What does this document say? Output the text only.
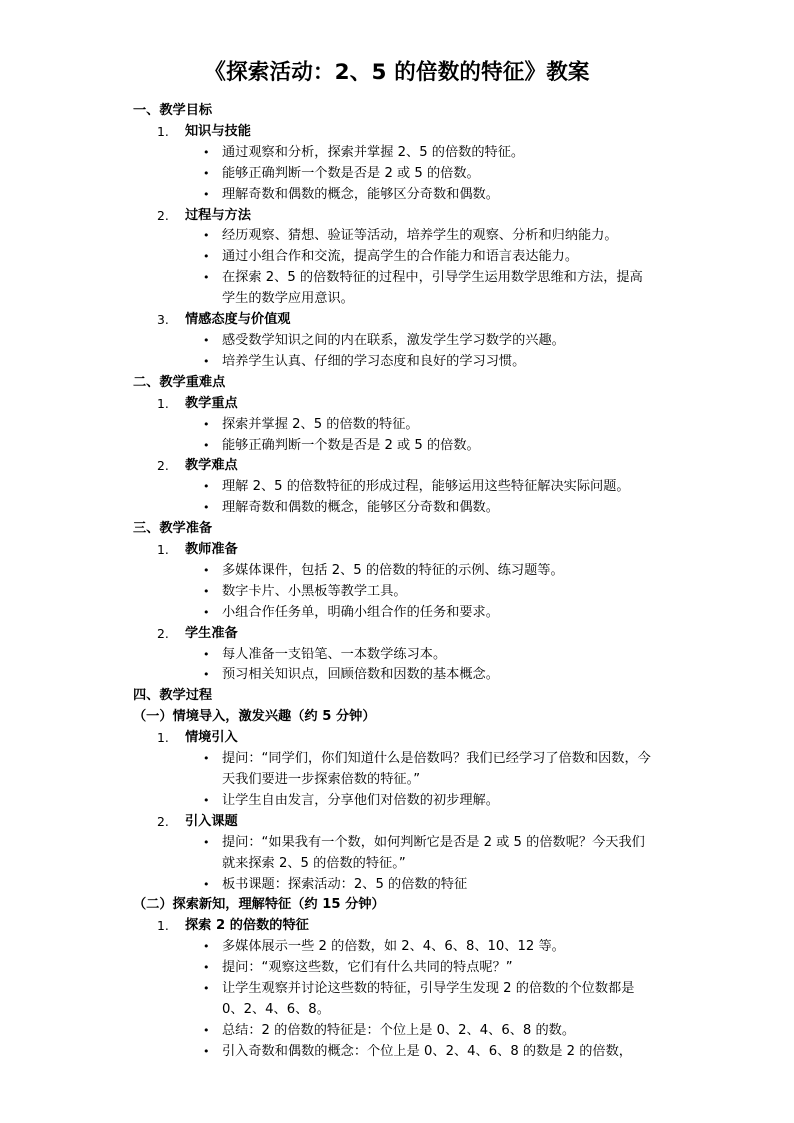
《探索活动：2、5 的倍数的特征》教案
一、教学目标
1.	知识与技能
• 通过观察和分析，探索并掌握 2、5 的倍数的特征。
• 能够正确判断一个数是否是 2 或 5 的倍数。
• 理解奇数和偶数的概念，能够区分奇数和偶数。
2.	过程与方法
• 经历观察、猜想、验证等活动，培养学生的观察、分析和归纳能力。
• 通过小组合作和交流，提高学生的合作能力和语言表达能力。
• 在探索 2、5 的倍数特征的过程中，引导学生运用数学思维和方法，提高学生的数学应用意识。
3.	情感态度与价值观
• 感受数学知识之间的内在联系，激发学生学习数学的兴趣。
• 培养学生认真、仔细的学习态度和良好的学习习惯。
二、教学重难点
1.	教学重点
• 探索并掌握 2、5 的倍数的特征。
• 能够正确判断一个数是否是 2 或 5 的倍数。
2.	教学难点
• 理解 2、5 的倍数特征的形成过程，能够运用这些特征解决实际问题。
• 理解奇数和偶数的概念，能够区分奇数和偶数。
三、教学准备
1.	教师准备
• 多媒体课件，包括 2、5 的倍数的特征的示例、练习题等。
• 数字卡片、小黑板等教学工具。
• 小组合作任务单，明确小组合作的任务和要求。
2.	学生准备
• 每人准备一支铅笔、一本数学练习本。
• 预习相关知识点，回顾倍数和因数的基本概念。
四、教学过程
（一）情境导入，激发兴趣（约 5 分钟）
1.	情境引入
• 提问：“同学们，你们知道什么是倍数吗？我们已经学习了倍数和因数，今天我们要进一步探索倍数的特征。”
• 让学生自由发言，分享他们对倍数的初步理解。
2.	引入课题
• 提问：“如果我有一个数，如何判断它是否是 2 或 5 的倍数呢？今天我们就来探索 2、5 的倍数的特征。”
• 板书课题：探索活动：2、5 的倍数的特征
（二）探索新知，理解特征（约 15 分钟）
1.	探索 2 的倍数的特征
• 多媒体展示一些 2 的倍数，如 2、4、6、8、10、12 等。
• 提问：“观察这些数，它们有什么共同的特点呢？”
• 让学生观察并讨论这些数的特征，引导学生发现 2 的倍数的个位数都是 0、2、4、6、8。
• 总结：2 的倍数的特征是：个位上是 0、2、4、6、8 的数。
• 引入奇数和偶数的概念：个位上是 0、2、4、6、8 的数是 2 的倍数，
